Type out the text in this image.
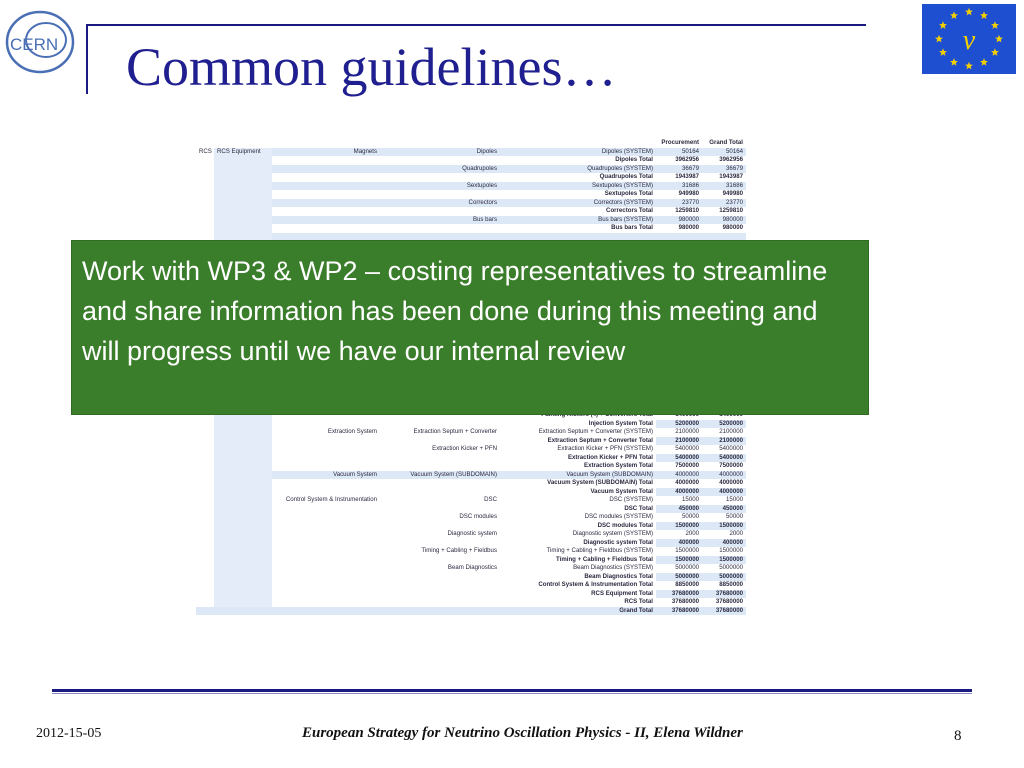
CERN Common guidelines…	ν
					Procurement	Grand Total
RCS	RCS Equipment	Magnets	Dipoles	Dipoles (SYSTEM)	50164	50164
				Dipoles Total	3962956	3962956
			Quadrupoles	Quadrupoles (SYSTEM)	36679	36679
				Quadrupoles Total	1943987	1943987
			Sextupoles	Sextupoles (SYSTEM)	31686	31686
				Sextupoles Total	949980	949980
			Correctors	Correctors (SYSTEM)	23770	23770
				Correctors Total	1259810	1259810
			Bus bars	Bus bars (SYSTEM)	980000	980000
				Bus bars Total	980000	980000

				Injection System Total	5200000	5200000
		Extraction System	Extraction Septum + Converter	Extraction Septum + Converter (SYSTEM)	2100000	2100000
				Extraction Septum + Converter Total	2100000	2100000
			Extraction Kicker + PFN	Extraction Kicker + PFN (SYSTEM)	5400000	5400000
				Extraction Kicker + PFN Total	5400000	5400000
				Extraction System Total	7500000	7500000
		Vacuum System	Vacuum System (SUBDOMAIN)	Vacuum System (SUBDOMAIN)	4000000	4000000
				Vacuum System (SUBDOMAIN) Total	4000000	4000000
				Vacuum System Total	4000000	4000000
		Control System & Instrumentation	DSC	DSC (SYSTEM)	15000	15000
				DSC Total	450000	450000
			DSC modules	DSC modules (SYSTEM)	50000	50000
				DSC modules Total	1500000	1500000
			Diagnostic system	Diagnostic system (SYSTEM)	2000	2000
				Diagnostic system Total	400000	400000
			Timing + Cabling + Fieldbus	Timing + Cabling + Fieldbus (SYSTEM)	1500000	1500000
				Timing + Cabling + Fieldbus Total	1500000	1500000
			Beam Diagnostics	Beam Diagnostics (SYSTEM)	5000000	5000000
				Beam Diagnostics Total	5000000	5000000
				Control System & Instrumentation Total	8850000	8850000
				RCS Equipment Total	37680000	37680000
				RCS Total	37680000	37680000
				Grand Total	37680000	37680000
Work with WP3 & WP2 – costing representatives to streamline and share information has been done during this meeting and will progress until we have our internal review
2012-15-05	European Strategy for Neutrino Oscillation Physics - II, Elena Wildner	8
